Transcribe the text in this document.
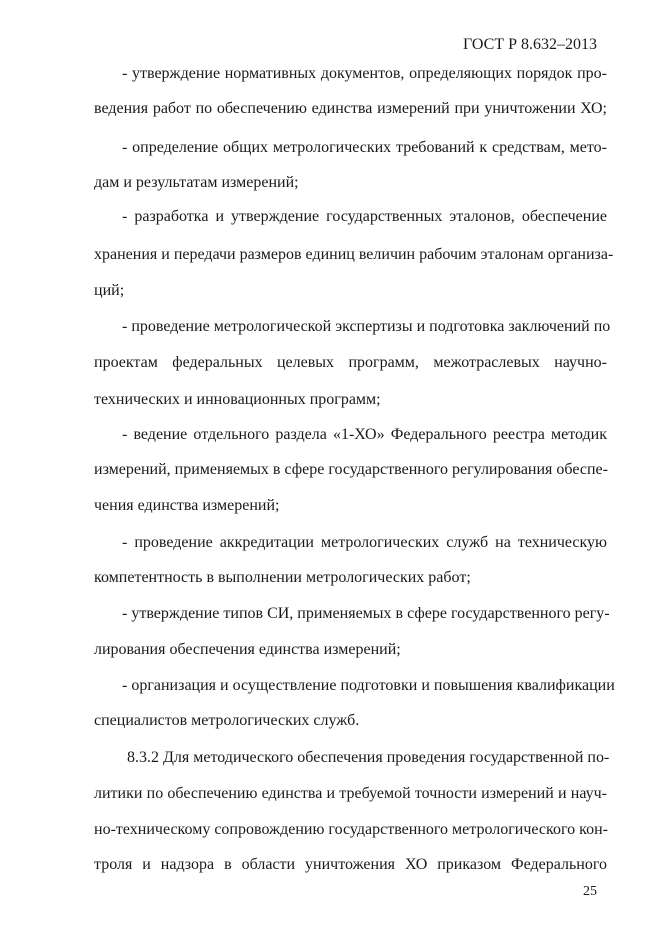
ГОСТ Р 8.632–2013
- утверждение нормативных документов, определяющих порядок про-
ведения работ по обеспечению единства измерений при уничтожении ХО;
- определение общих метрологических требований к средствам, мето-
дам и результатам измерений;
- разработка и утверждение государственных эталонов, обеспечение
хранения и передачи размеров единиц величин рабочим эталонам организа-
ций;
- проведение метрологической экспертизы и подготовка заключений по
проектам федеральных целевых программ, межотраслевых научно-
технических и инновационных программ;
- ведение отдельного раздела «1-ХО» Федерального реестра методик
измерений, применяемых в сфере государственного регулирования обеспе-
чения единства измерений;
- проведение аккредитации метрологических служб на техническую
компетентность в выполнении метрологических работ;
- утверждение типов СИ, применяемых в сфере государственного регу-
лирования обеспечения единства измерений;
- организация и осуществление подготовки и повышения квалификации
специалистов метрологических служб.
8.3.2 Для методического обеспечения проведения государственной по-
литики по обеспечению единства и требуемой точности измерений и науч-
но-техническому сопровождению государственного метрологического кон-
троля и надзора в области уничтожения ХО приказом Федерального
25
